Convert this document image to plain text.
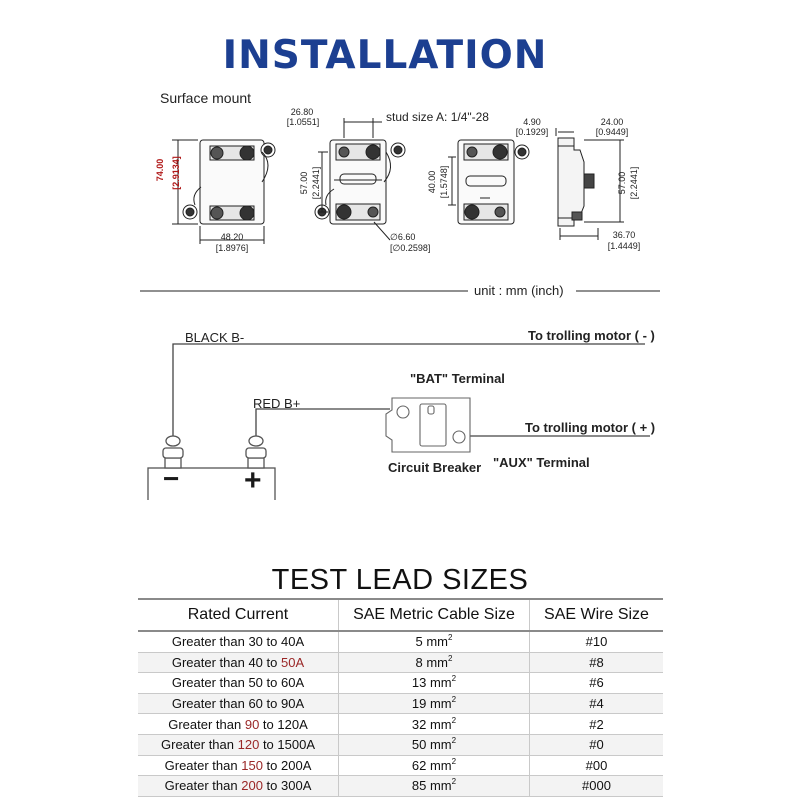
INSTALLATION
Surface mount
74.00 [2.9134]
48.20
[1.8976]
26.80
[1.0551]	stud size A: 1/4"-28
57.00 [2.2441]
∅6.60
[∅0.2598]
40.00 [1.5748]
4.90
[0.1929]
24.00
[0.9449]
57.00 [2.2441]
36.70
[1.4449]
unit : mm (inch)
BLACK B-
RED B+
To trolling motor ( - )
To trolling motor ( + )
"BAT" Terminal
"AUX" Terminal
Circuit Breaker
− +
TEST LEAD SIZES
Rated Current	SAE Metric Cable Size	SAE Wire Size
Greater than 30 to 40A	5 $mm^2$	#10
Greater than 40 to 50A	8 $mm^2$	#8
Greater than 50 to 60A	13 $mm^2$	#6
Greater than 60 to 90A	19 $mm^2$	#4
Greater than 90 to 120A	32 $mm^2$	#2
Greater than 120 to 1500A	50 $mm^2$	#0
Greater than 150 to 200A	62 $mm^2$	#00
Greater than 200 to 300A	85 $mm^2$	#000
